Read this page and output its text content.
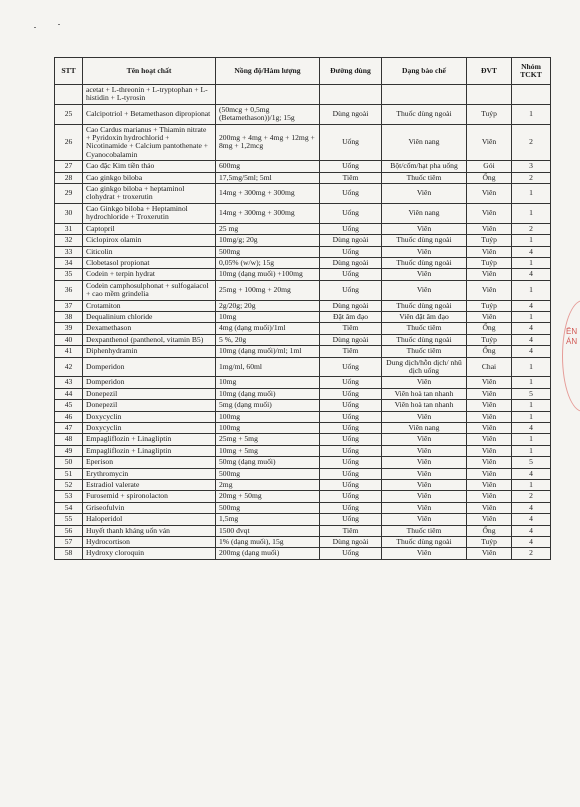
STT	Tên hoạt chất	Nồng độ/Hàm lượng	Đường dùng	Dạng bào chế	ĐVT	Nhóm TCKT
	acetat + L-threonin + L-tryptophan + L-histidin + L-tyrosin					
25	Calcipotriol + Betamethason dipropionat	(50mcg + 0,5mg (Betamethason))/1g; 15g	Dùng ngoài	Thuốc dùng ngoài	Tuýp	1
26	Cao Cardus marianus + Thiamin nitrate + Pyridoxin hydrochlorid + Nicotinamide + Calcium pantothenate + Cyanocobalamin	200mg + 4mg + 4mg + 12mg + 8mg + 1,2mcg	Uống	Viên nang	Viên	2
27	Cao đặc Kim tiền thảo	600mg	Uống	Bột/cốm/hạt pha uống	Gói	3
28	Cao ginkgo biloba	17,5mg/5ml; 5ml	Tiêm	Thuốc tiêm	Ống	2
29	Cao ginkgo biloba + heptaminol clohydrat + troxerutin	14mg + 300mg + 300mg	Uống	Viên	Viên	1
30	Cao Ginkgo biloba + Heptaminol hydrochloride + Troxerutin	14mg + 300mg + 300mg	Uống	Viên nang	Viên	1
31	Captopril	25 mg	Uống	Viên	Viên	2
32	Ciclopirox olamin	10mg/g; 20g	Dùng ngoài	Thuốc dùng ngoài	Tuýp	1
33	Citicolin	500mg	Uống	Viên	Viên	4
34	Clobetasol propionat	0,05% (w/w); 15g	Dùng ngoài	Thuốc dùng ngoài	Tuýp	1
35	Codein + terpin hydrat	10mg (dạng muối) +100mg	Uống	Viên	Viên	4
36	Codein camphosulphonat + sulfogaiacol + cao mềm grindelia	25mg + 100mg + 20mg	Uống	Viên	Viên	1
37	Crotamiton	2g/20g; 20g	Dùng ngoài	Thuốc dùng ngoài	Tuýp	4
38	Dequalinium chloride	10mg	Đặt âm đạo	Viên đặt âm đạo	Viên	1
39	Dexamethason	4mg (dạng muối)/1ml	Tiêm	Thuốc tiêm	Ống	4
40	Dexpanthenol (panthenol, vitamin B5)	5 %, 20g	Dùng ngoài	Thuốc dùng ngoài	Tuýp	4
41	Diphenhydramin	10mg (dạng muối)/ml; 1ml	Tiêm	Thuốc tiêm	Ống	4
42	Domperidon	1mg/ml, 60ml	Uống	Dung dịch/hỗn dịch/ nhũ dịch uống	Chai	1
43	Domperidon	10mg	Uống	Viên	Viên	1
44	Donepezil	10mg (dạng muối)	Uống	Viên hoà tan nhanh	Viên	5
45	Donepezil	5mg (dạng muối)	Uống	Viên hoà tan nhanh	Viên	1
46	Doxycyclin	100mg	Uống	Viên	Viên	1
47	Doxycyclin	100mg	Uống	Viên nang	Viên	4
48	Empagliflozin + Linagliptin	25mg + 5mg	Uống	Viên	Viên	1
49	Empagliflozin + Linagliptin	10mg + 5mg	Uống	Viên	Viên	1
50	Eperison	50mg (dạng muối)	Uống	Viên	Viên	5
51	Erythromycin	500mg	Uống	Viên	Viên	4
52	Estradiol valerate	2mg	Uống	Viên	Viên	1
53	Furosemid + spironolacton	20mg + 50mg	Uống	Viên	Viên	2
54	Griseofulvin	500mg	Uống	Viên	Viên	4
55	Haloperidol	1,5mg	Uống	Viên	Viên	4
56	Huyết thanh kháng uốn ván	1500 đvqt	Tiêm	Thuốc tiêm	Ống	4
57	Hydrocortison	1% (dạng muối), 15g	Dùng ngoài	Thuốc dùng ngoài	Tuýp	4
58	Hydroxy cloroquin	200mg (dạng muối)	Uống	Viên	Viên	2
ÊN
ÁN
